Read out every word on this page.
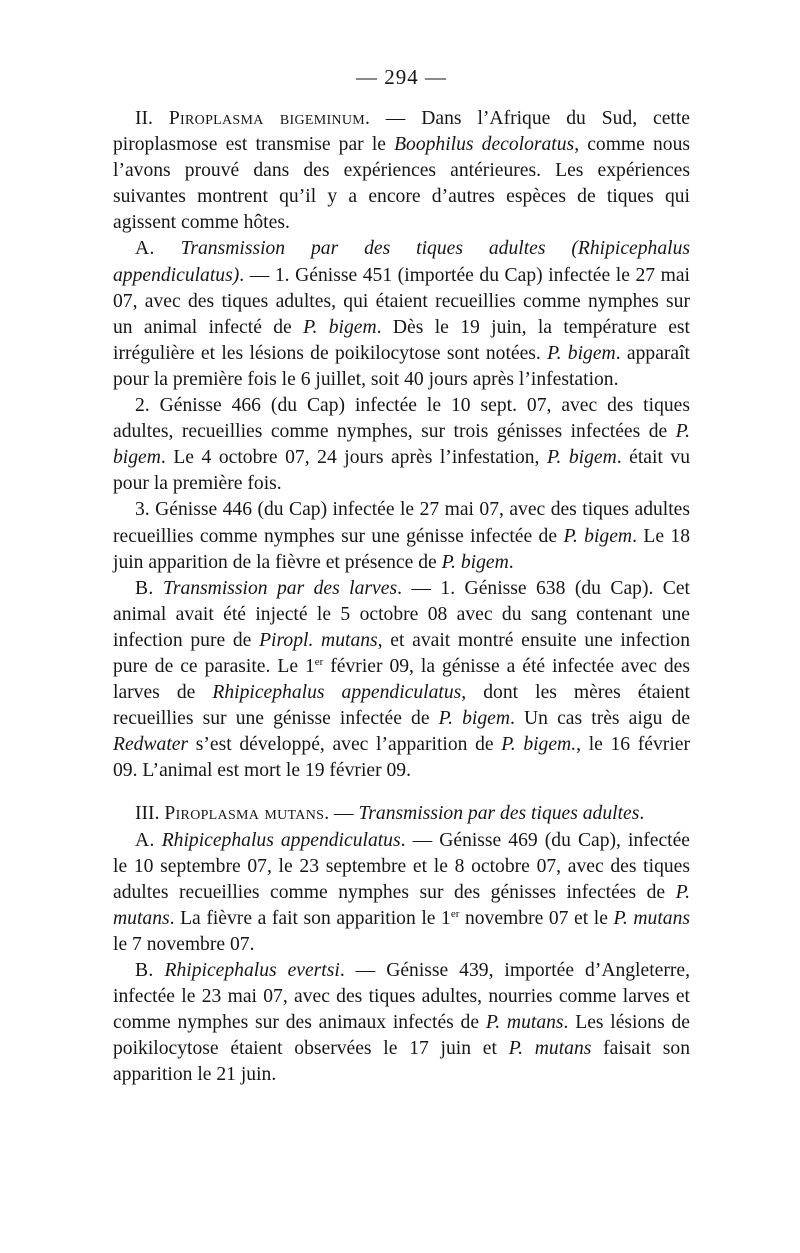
— 294 —

II. Piroplasma bigeminum. — Dans l’Afrique du Sud, cette piroplasmose est transmise par le Boophilus decoloratus, comme nous l’avons prouvé dans des expériences antérieures. Les expériences suivantes montrent qu’il y a encore d’autres espèces de tiques qui agissent comme hôtes.

A. Transmission par des tiques adultes (Rhipicephalus appendiculatus). — 1. Génisse 451 (importée du Cap) infectée le 27 mai 07, avec des tiques adultes, qui étaient recueillies comme nymphes sur un animal infecté de P. bigem. Dès le 19 juin, la température est irrégulière et les lésions de poikilocytose sont notées. P. bigem. apparaît pour la première fois le 6 juillet, soit 40 jours après l’infestation.

2. Génisse 466 (du Cap) infectée le 10 sept. 07, avec des tiques adultes, recueillies comme nymphes, sur trois génisses infectées de P. bigem. Le 4 octobre 07, 24 jours après l’infestation, P. bigem. était vu pour la première fois.

3. Génisse 446 (du Cap) infectée le 27 mai 07, avec des tiques adultes recueillies comme nymphes sur une génisse infectée de P. bigem. Le 18 juin apparition de la fièvre et présence de P. bigem.

B. Transmission par des larves. — 1. Génisse 638 (du Cap). Cet animal avait été injecté le 5 octobre 08 avec du sang contenant une infection pure de Piropl. mutans, et avait montré ensuite une infection pure de ce parasite. Le 1er février 09, la génisse a été infectée avec des larves de Rhipicephalus appendiculatus, dont les mères étaient recueillies sur une génisse infectée de P. bigem. Un cas très aigu de Redwater s’est développé, avec l’apparition de P. bigem., le 16 février 09. L’animal est mort le 19 février 09.

III. Piroplasma mutans. — Transmission par des tiques adultes.

A. Rhipicephalus appendiculatus. — Génisse 469 (du Cap), infectée le 10 septembre 07, le 23 septembre et le 8 octobre 07, avec des tiques adultes recueillies comme nymphes sur des génisses infectées de P. mutans. La fièvre a fait son apparition le 1er novembre 07 et le P. mutans le 7 novembre 07.

B. Rhipicephalus evertsi. — Génisse 439, importée d’Angleterre, infectée le 23 mai 07, avec des tiques adultes, nourries comme larves et comme nymphes sur des animaux infectés de P. mutans. Les lésions de poikilocytose étaient observées le 17 juin et P. mutans faisait son apparition le 21 juin.
